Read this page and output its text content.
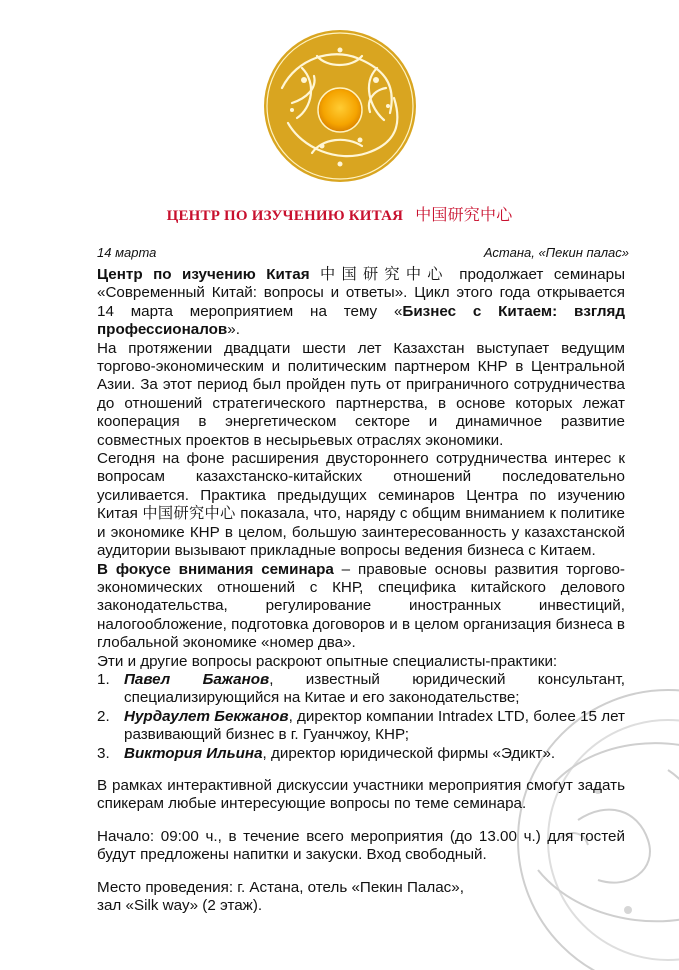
ЦЕНТР ПО ИЗУЧЕНИЮ КИТАЯ 中国研究中心
14 марта	Астана, «Пекин палас»

Центр по изучению Китая 中国研究中心 продолжает семинары «Современный Китай: вопросы и ответы». Цикл этого года открывается 14 марта мероприятием на тему «Бизнес с Китаем: взгляд профессионалов».

На протяжении двадцати шести лет Казахстан выступает ведущим торгово-экономическим и политическим партнером КНР в Центральной Азии. За этот период был пройден путь от приграничного сотрудничества до отношений стратегического партнерства, в основе которых лежат кооперация в энергетическом секторе и динамичное развитие совместных проектов в несырьевых отраслях экономики.

Сегодня на фоне расширения двустороннего сотрудничества интерес к вопросам казахстанско-китайских отношений последовательно усиливается. Практика предыдущих семинаров Центра по изучению Китая 中国研究中心 показала, что, наряду с общим вниманием к политике и экономике КНР в целом, большую заинтересованность у казахстанской аудитории вызывают прикладные вопросы ведения бизнеса с Китаем.

В фокусе внимания семинара – правовые основы развития торгово-экономических отношений с КНР, специфика китайского делового законодательства, регулирование иностранных инвестиций, налогообложение, подготовка договоров и в целом организация бизнеса в глобальной экономике «номер два».

Эти и другие вопросы раскроют опытные специалисты-практики:

1. Павел Бажанов, известный юридический консультант, специализирующийся на Китае и его законодательстве;
2. Нурдаулет Бекжанов, директор компании Intradex LTD, более 15 лет развивающий бизнес в г. Гуанчжоу, КНР;
3. Виктория Ильина, директор юридической фирмы «Эдикт».

В рамках интерактивной дискуссии участники мероприятия смогут задать спикерам любые интересующие вопросы по теме семинара.

Начало: 09:00 ч., в течение всего мероприятия (до 13.00 ч.) для гостей будут предложены напитки и закуски. Вход свободный.

Место проведения: г. Астана, отель «Пекин Палас»,
зал «Silk way» (2 этаж).
